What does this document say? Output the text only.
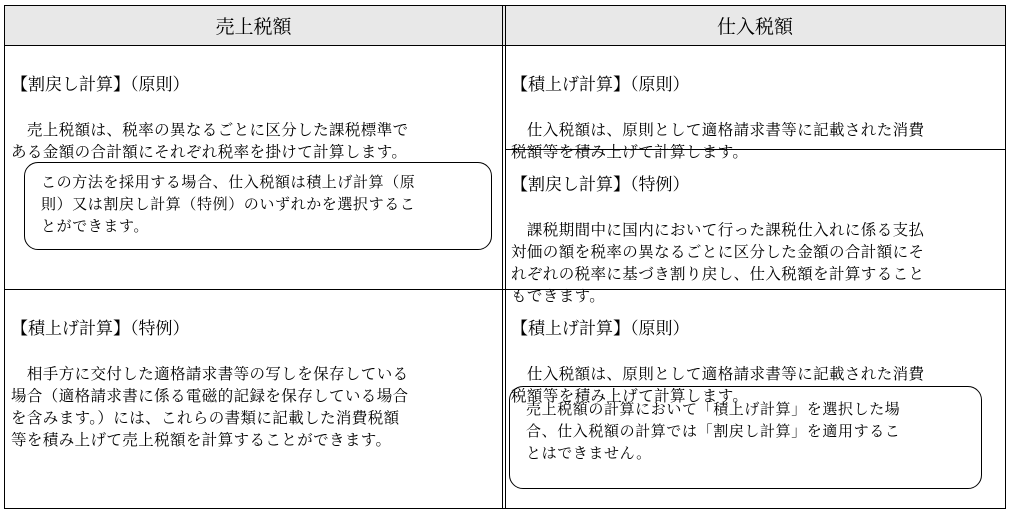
売上税額	仕入税額

【割戻し計算】（原則）

　売上税額は、税率の異なるごとに区分した課税標準で
ある金額の合計額にそれぞれ税率を掛けて計算します。

この方法を採用する場合、仕入税額は積上げ計算（原
則）又は割戻し計算（特例）のいずれかを選択するこ
とができます。

【積上げ計算】（原則）

　仕入税額は、原則として適格請求書等に記載された消費
税額等を積み上げて計算します。

【割戻し計算】（特例）

　課税期間中に国内において行った課税仕入れに係る支払
対価の額を税率の異なるごとに区分した金額の合計額にそ
れぞれの税率に基づき割り戻し、仕入税額を計算すること
もできます。

【積上げ計算】（特例）

　相手方に交付した適格請求書等の写しを保存している
場合（適格請求書に係る電磁的記録を保存している場合
を含みます。）には、これらの書類に記載した消費税額
等を積み上げて売上税額を計算することができます。

【積上げ計算】（原則）

　仕入税額は、原則として適格請求書等に記載された消費
税額等を積み上げて計算します。

売上税額の計算において「積上げ計算」を選択した場
合、仕入税額の計算では「割戻し計算」を適用するこ
とはできません。
